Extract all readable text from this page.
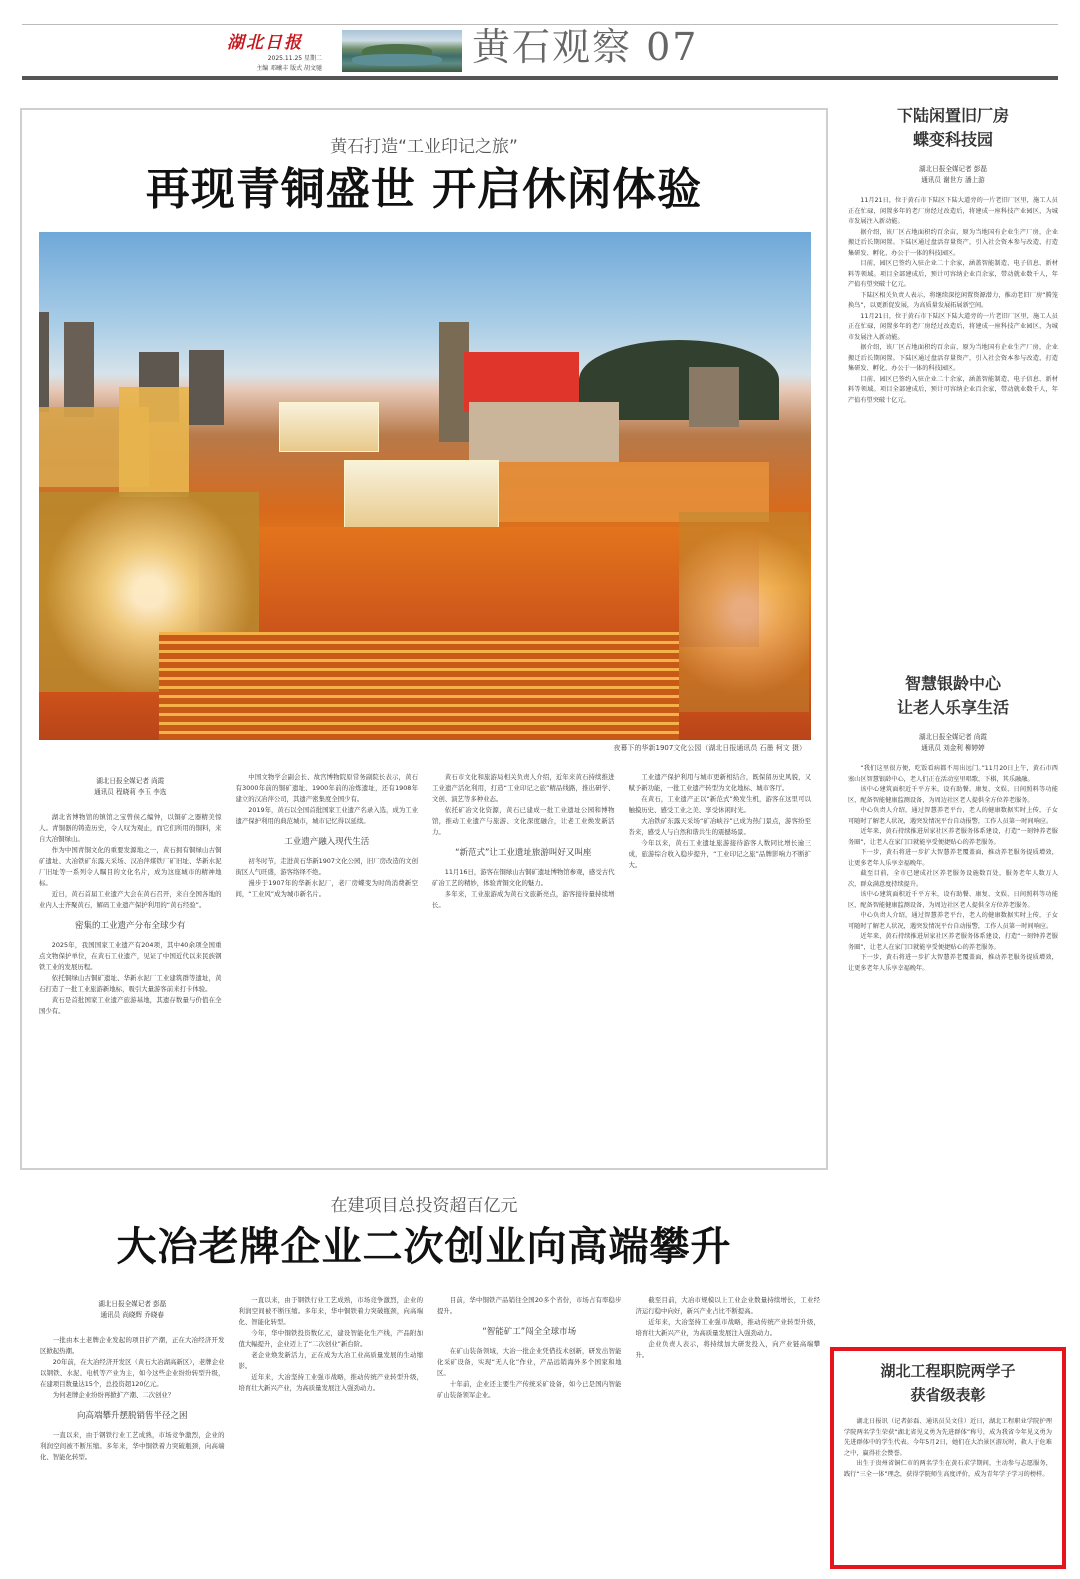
湖北日报
2025.11.25 星期二
主编 邓曦丰 版式 胡文驰	黄石观察 07
黄石打造“工业印记之旅”
再现青铜盛世 开启休闲体验
夜幕下的华新1907文化公园（湖北日报通讯员 石墨 柯文 摄）
湖北日报全媒记者 尚霞
通讯员 程晓莉 李玉 李选

湖北省博物馆的镇馆之宝曾侯乙编钟，以铜矿之器精美惊人。青铜器的铸造历史，令人叹为观止，而它们所用的铜料，来自大冶铜绿山。

作为中国青铜文化的重要发源地之一，黄石拥有铜绿山古铜矿遗址、大冶铁矿东露天采场、汉冶萍煤铁厂矿旧址、华新水泥厂旧址等一系列令人瞩目的文化名片，成为这座城市的精神地标。

近日，黄石首届工业遗产大会在黄石召开，来自全国各地的业内人士齐聚黄石，解码工业遗产保护利用的“黄石经验”。

密集的工业遗产分布全球少有

2025年，我国国家工业遗产有204项，其中40余项全国重点文物保护单位，在黄石工业遗产，见证了中国近代以来民族钢铁工业的发展历程。

依托铜绿山古铜矿遗址、华新水泥厂工业建筑群等遗址，黄石打造了一批工业旅游新地标，吸引大量游客前来打卡体验。

黄石是首批国家工业遗产旅游基地，其遗存数量与价值在全国少有。

中国文物学会副会长、故宫博物院原常务副院长表示，黄石有3000年前的铜矿遗址、1900年前的冶炼遗址，还有1908年建立的汉冶萍公司，其遗产密集度全国少有。

2019年，黄石以全国首批国家工业遗产名录入选，成为工业遗产保护利用的典范城市，城市记忆得以延续。

工业遗产融入现代生活

初冬时节，走进黄石华新1907文化公园，旧厂房改造的文创街区人气旺盛，游客络绎不绝。

漫步于1907年的华新水泥厂，老厂房蝶变为时尚消费新空间，“工业风”成为城市新名片。

黄石市文化和旅游局相关负责人介绍，近年来黄石持续推进工业遗产活化利用，打造“工业印记之旅”精品线路，推出研学、文创、演艺等多种业态。

依托矿冶文化资源，黄石已建成一批工业遗址公园和博物馆，推动工业遗产与旅游、文化深度融合，让老工业焕发新活力。

“新范式”让工业遗址旅游叫好又叫座

11月16日，游客在铜绿山古铜矿遗址博物馆参观，感受古代矿冶工艺的精妙，体验青铜文化的魅力。

多年来，工业旅游成为黄石文旅新亮点，游客接待量持续增长。

工业遗产保护利用与城市更新相结合，既保留历史风貌，又赋予新功能，一批工业遗产转型为文化地标、城市客厅。

在黄石，工业遗产正以“新范式”焕发生机，游客在这里可以触摸历史、感受工业之美、享受休闲时光。

大冶铁矿东露天采场“矿冶峡谷”已成为热门景点，游客纷至沓来，感受人与自然和谐共生的震撼场景。

今年以来，黄石工业遗址旅游接待游客人数同比增长逾三成，旅游综合收入稳步提升，“工业印记之旅”品牌影响力不断扩大。

下陆闲置旧厂房
蝶变科技园
湖北日报全媒记者 彭磊
通讯员 谢世方 潘上游

11月21日，位于黄石市下陆区下陆大道旁的一片老旧厂区里，施工人员正在忙碌，闲置多年的老厂房经过改造后，将建成一座科技产业园区，为城市发展注入新动能。

据介绍，该厂区占地面积约百余亩，原为当地国有企业生产厂房，企业搬迁后长期闲置。下陆区通过盘活存量资产，引入社会资本参与改造，打造集研发、孵化、办公于一体的科技园区。

目前，园区已签约入驻企业二十余家，涵盖智能制造、电子信息、新材料等领域。项目全部建成后，预计可容纳企业百余家，带动就业数千人，年产值有望突破十亿元。

下陆区相关负责人表示，将继续深挖闲置资源潜力，推动老旧厂房“腾笼换鸟”，以更新促发展，为高质量发展拓展新空间。

11月21日，位于黄石市下陆区下陆大道旁的一片老旧厂区里，施工人员正在忙碌，闲置多年的老厂房经过改造后，将建成一座科技产业园区，为城市发展注入新动能。

据介绍，该厂区占地面积约百余亩，原为当地国有企业生产厂房，企业搬迁后长期闲置。下陆区通过盘活存量资产，引入社会资本参与改造，打造集研发、孵化、办公于一体的科技园区。

目前，园区已签约入驻企业二十余家，涵盖智能制造、电子信息、新材料等领域。项目全部建成后，预计可容纳企业百余家，带动就业数千人，年产值有望突破十亿元。

智慧银龄中心
让老人乐享生活
湖北日报全媒记者 尚霞
通讯员 刘金利 柳婷婷

“我们这里很方便，吃饭看病都不用出远门。”11月20日上午，黄石市西塞山区智慧银龄中心，老人们正在活动室里唱歌、下棋，其乐融融。

该中心建筑面积近千平方米，设有助餐、康复、文娱、日间照料等功能区，配备智能健康监测设备，为周边社区老人提供全方位养老服务。

中心负责人介绍，通过智慧养老平台，老人的健康数据实时上传，子女可随时了解老人状况，遇突发情况平台自动报警，工作人员第一时间响应。

近年来，黄石持续推进居家社区养老服务体系建设，打造“一刻钟养老服务圈”，让老人在家门口就能享受便捷贴心的养老服务。

下一步，黄石将进一步扩大智慧养老覆盖面，推动养老服务提质增效，让更多老年人乐享幸福晚年。

截至目前，全市已建成社区养老服务设施数百处，服务老年人数万人次，群众满意度持续提升。

该中心建筑面积近千平方米，设有助餐、康复、文娱、日间照料等功能区，配备智能健康监测设备，为周边社区老人提供全方位养老服务。

中心负责人介绍，通过智慧养老平台，老人的健康数据实时上传，子女可随时了解老人状况，遇突发情况平台自动报警，工作人员第一时间响应。

近年来，黄石持续推进居家社区养老服务体系建设，打造“一刻钟养老服务圈”，让老人在家门口就能享受便捷贴心的养老服务。

下一步，黄石将进一步扩大智慧养老覆盖面，推动养老服务提质增效，让更多老年人乐享幸福晚年。

在建项目总投资超百亿元
大冶老牌企业二次创业向高端攀升
湖北日报全媒记者 彭磊
通讯员 尚晓辉 乔晓春

一批由本土老牌企业发起的项目扩产潮，正在大冶经济开发区掀起热潮。

20年前，在大冶经济开发区（黄石大冶湖高新区），老牌企业以钢铁、水泥、电机等产业为主，如今这些企业纷纷转型升级，在建项目数量达15个，总投资超120亿元。

为何老牌企业纷纷再掀扩产潮、二次创业？

向高端攀升摆脱销售半径之困

一直以来，由于钢铁行业工艺成熟，市场竞争激烈，企业的利润空间被不断压缩。多年来，华中铜铁着力突破瓶颈，向高端化、智能化转型。

一直以来，由于钢铁行业工艺成熟，市场竞争激烈，企业的利润空间被不断压缩。多年来，华中铜铁着力突破瓶颈，向高端化、智能化转型。

今年，华中铜铁投资数亿元，建设智能化生产线，产品附加值大幅提升，企业迈上了“二次创业”新台阶。

老企业焕发新活力，正在成为大冶工业高质量发展的生动缩影。

近年来，大冶坚持工业强市战略，推动传统产业转型升级，培育壮大新兴产业，为高质量发展注入强劲动力。

目前，华中铜铁产品销往全国20多个省份，市场占有率稳步提升。

“智能矿工”闯全全球市场

在矿山装备领域，大冶一批企业凭借技术创新，研发出智能化采矿设备，实现“无人化”作业，产品远销海外多个国家和地区。

十年前，企业还主要生产传统采矿设备，如今已是国内智能矿山装备领军企业。

截至目前，大冶市规模以上工业企业数量持续增长，工业经济运行稳中向好，新兴产业占比不断提高。

近年来，大冶坚持工业强市战略，推动传统产业转型升级，培育壮大新兴产业，为高质量发展注入强劲动力。

企业负责人表示，将持续加大研发投入，向产业链高端攀升。

湖北工程职院两学子
获省级表彰

湖北日报讯（记者彭磊、通讯员吴文佳）近日，湖北工程职业学院护理学院两名学生荣获“湖北省见义勇为先进群体”称号，成为我省今年见义勇为先进群体中的学生代表。今年5月2日，她们在大冶景区游玩时，救人于危难之中，赢得社会赞誉。

出生于贵州省铜仁市的两名学生在黄石求学期间，主动参与志愿服务，践行“三全一体”理念，获得学院师生高度评价，成为青年学子学习的榜样。
